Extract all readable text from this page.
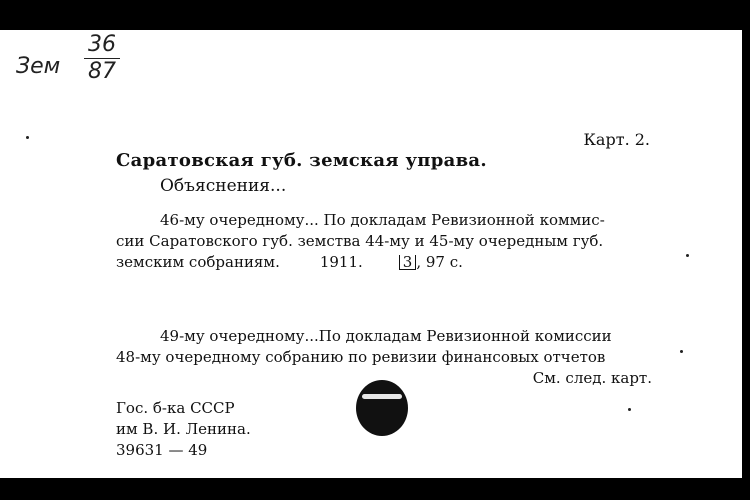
Зем $\frac{36}{87}$
Карт. 2.
Саратовская губ. земская управа.
Объяснения...
46-му очередному... По докладам Ревизионной коммис-
сии Саратовского губ. земства 44-му и 45-му очередным губ.
земским собраниям.	1911.	3 , 97 с.
49-му очередному...По докладам Ревизионной комиссии
48-му очередному собранию по ревизии финансовых отчетов
См. след. карт.
Гос. б-ка СССР
им В. И. Ленина.
39631 — 49
